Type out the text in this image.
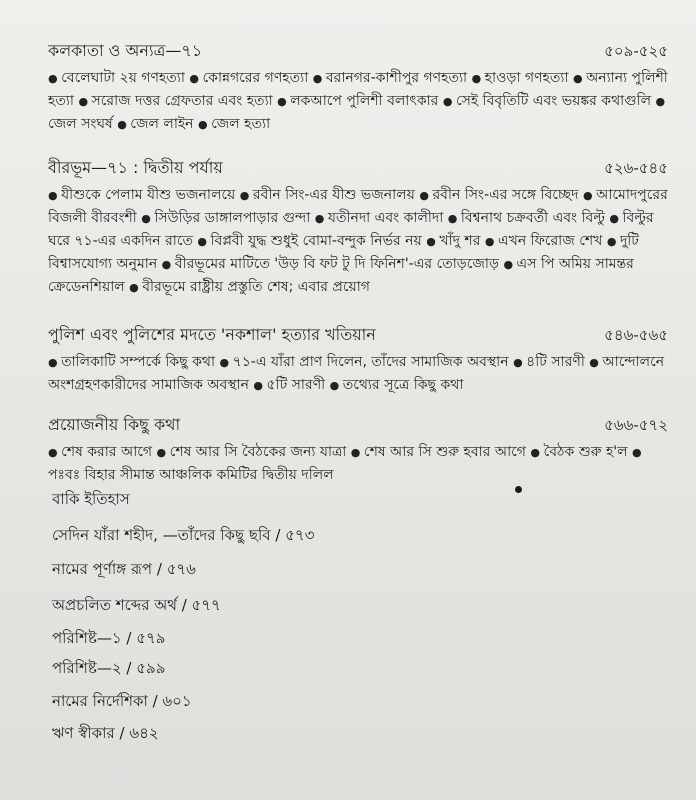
কলকাতা ও অন্যত্র—৭১	৫০৯-৫২৫
● বেলেঘাটা ২য় গণহত্যা ● কোন্নগরের গণহত্যা ● বরানগর-কাশীপুর গণহত্যা ● হাওড়া গণহত্যা ● অন্যান্য পুলিশী হত্যা ● সরোজ দত্তর গ্রেফতার এবং হত্যা ● লকআপে পুলিশী বলাৎকার ● সেই বিবৃতিটি এবং ভয়ঙ্কর কথাগুলি ● জেল সংঘর্ষ ● জেল লাইন ● জেল হত্যা
বীরভূম—৭১ : দ্বিতীয় পর্যায়	৫২৬-৫৪৫
● যীশুকে পেলাম যীশু ভজনালয়ে ● রবীন সিং-এর যীশু ভজনালয় ● রবীন সিং-এর সঙ্গে বিচ্ছেদ ● আমোদপুরের বিজলী বীরবংশী ● সিউড়ির ডাঙ্গালপাড়ার গুন্দা ● যতীনদা এবং কালীদা ● বিশ্বনাথ চক্রবর্তী এবং বিল্টু ● বিল্টুর ঘরে ৭১-এর একদিন রাতে ● বিপ্লবী যুদ্ধ শুধুই বোমা-বন্দুক নির্ভর নয় ● খাঁদু শর ● এখন ফিরোজ শেখ ● দুটি বিশ্বাসযোগ্য অনুমান ● বীরভূমের মাটিতে 'উড় বি ফট টু দি ফিনিশ'-এর তোড়জোড় ● এস পি অমিয় সামন্তর ক্রেডেনশিয়াল ● বীরভূমে রাষ্ট্রীয় প্রস্তুতি শেষ; এবার প্রয়োগ
পুলিশ এবং পুলিশের মদতে 'নকশাল' হত্যার খতিয়ান	৫৪৬-৫৬৫
● তালিকাটি সম্পর্কে কিছু কথা ● ৭১-এ যাঁরা প্রাণ দিলেন, তাঁদের সামাজিক অবস্থান ● ৪টি সারণী ● আন্দোলনে অংশগ্রহণকারীদের সামাজিক অবস্থান ● ৫টি সারণী ● তথ্যের সূত্রে কিছু কথা
প্রয়োজনীয় কিছু কথা	৫৬৬-৫৭২
● শেষ করার আগে ● শেষ আর সি বৈঠকের জন্য যাত্রা ● শেষ আর সি শুরু হবার আগে ● বৈঠক শুরু হ'ল ● পঃবঃ বিহার সীমান্ত আঞ্চলিক কমিটির দ্বিতীয় দলিল
বাকি ইতিহাস
সেদিন যাঁরা শহীদ, —তাঁদের কিছু ছবি / ৫৭৩
নামের পূর্ণাঙ্গ রূপ / ৫৭৬
অপ্রচলিত শব্দের অর্থ / ৫৭৭
পরিশিষ্ট—১ / ৫৭৯
পরিশিষ্ট—২ / ৫৯৯
নামের নির্দেশিকা / ৬০১
ঋণ স্বীকার / ৬৪২
